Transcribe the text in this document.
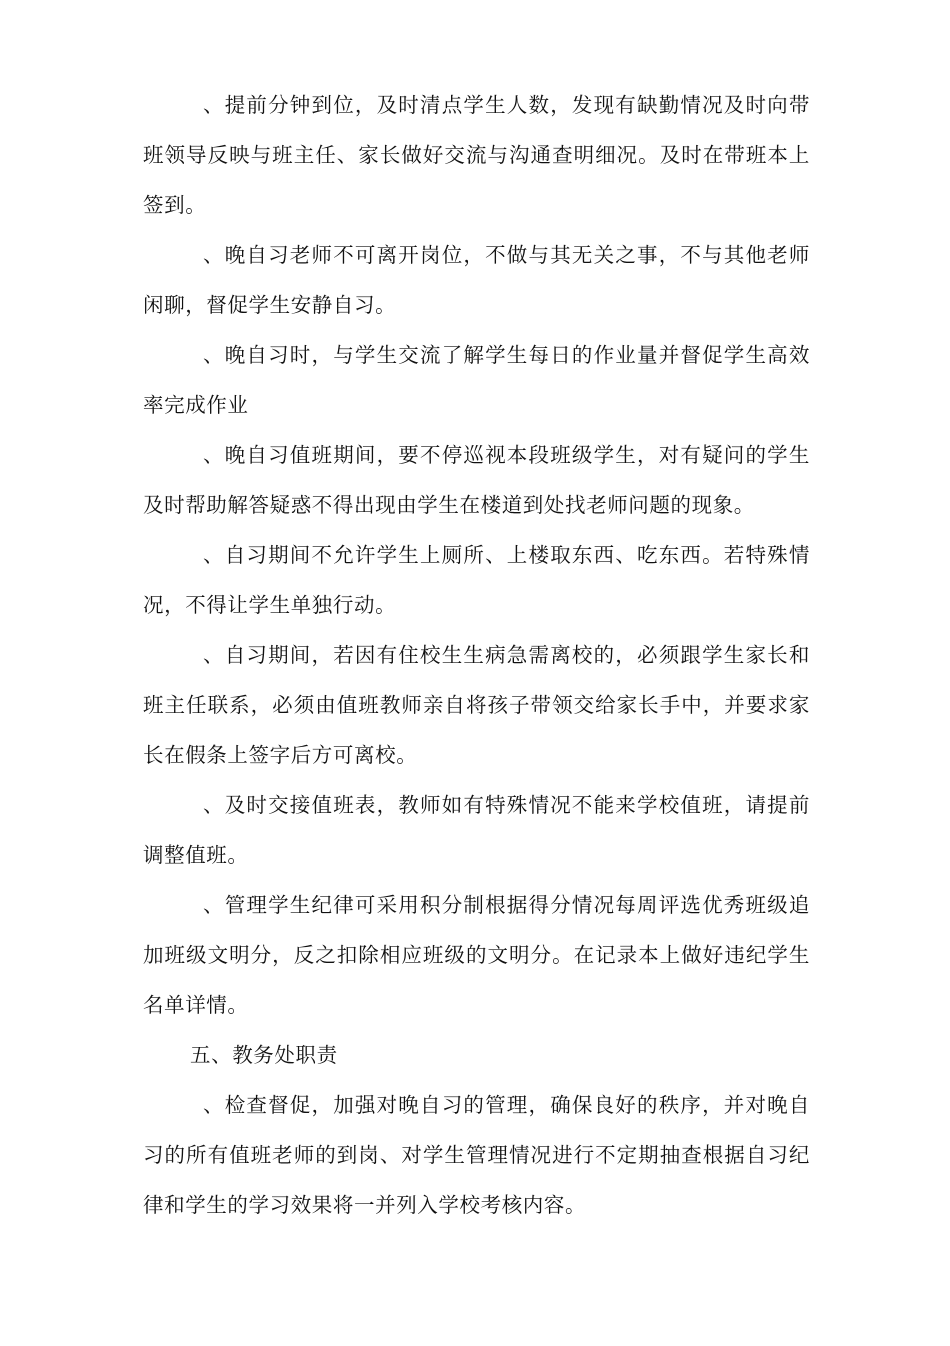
、提前分钟到位，及时清点学生人数，发现有缺勤情况及时向带班领导反映与班主任、家长做好交流与沟通查明细况。及时在带班本上签到。

、晚自习老师不可离开岗位，不做与其无关之事，不与其他老师闲聊，督促学生安静自习。

、晚自习时，与学生交流了解学生每日的作业量并督促学生高效率完成作业

、晚自习值班期间，要不停巡视本段班级学生，对有疑问的学生及时帮助解答疑惑不得出现由学生在楼道到处找老师问题的现象。

、自习期间不允许学生上厕所、上楼取东西、吃东西。若特殊情况，不得让学生单独行动。

、自习期间，若因有住校生生病急需离校的，必须跟学生家长和班主任联系，必须由值班教师亲自将孩子带领交给家长手中，并要求家长在假条上签字后方可离校。

、及时交接值班表，教师如有特殊情况不能来学校值班，请提前调整值班。

、管理学生纪律可采用积分制根据得分情况每周评选优秀班级追加班级文明分，反之扣除相应班级的文明分。在记录本上做好违纪学生名单详情。

五、教务处职责

、检查督促，加强对晚自习的管理，确保良好的秩序，并对晚自习的所有值班老师的到岗、对学生管理情况进行不定期抽查根据自习纪律和学生的学习效果将一并列入学校考核内容。
